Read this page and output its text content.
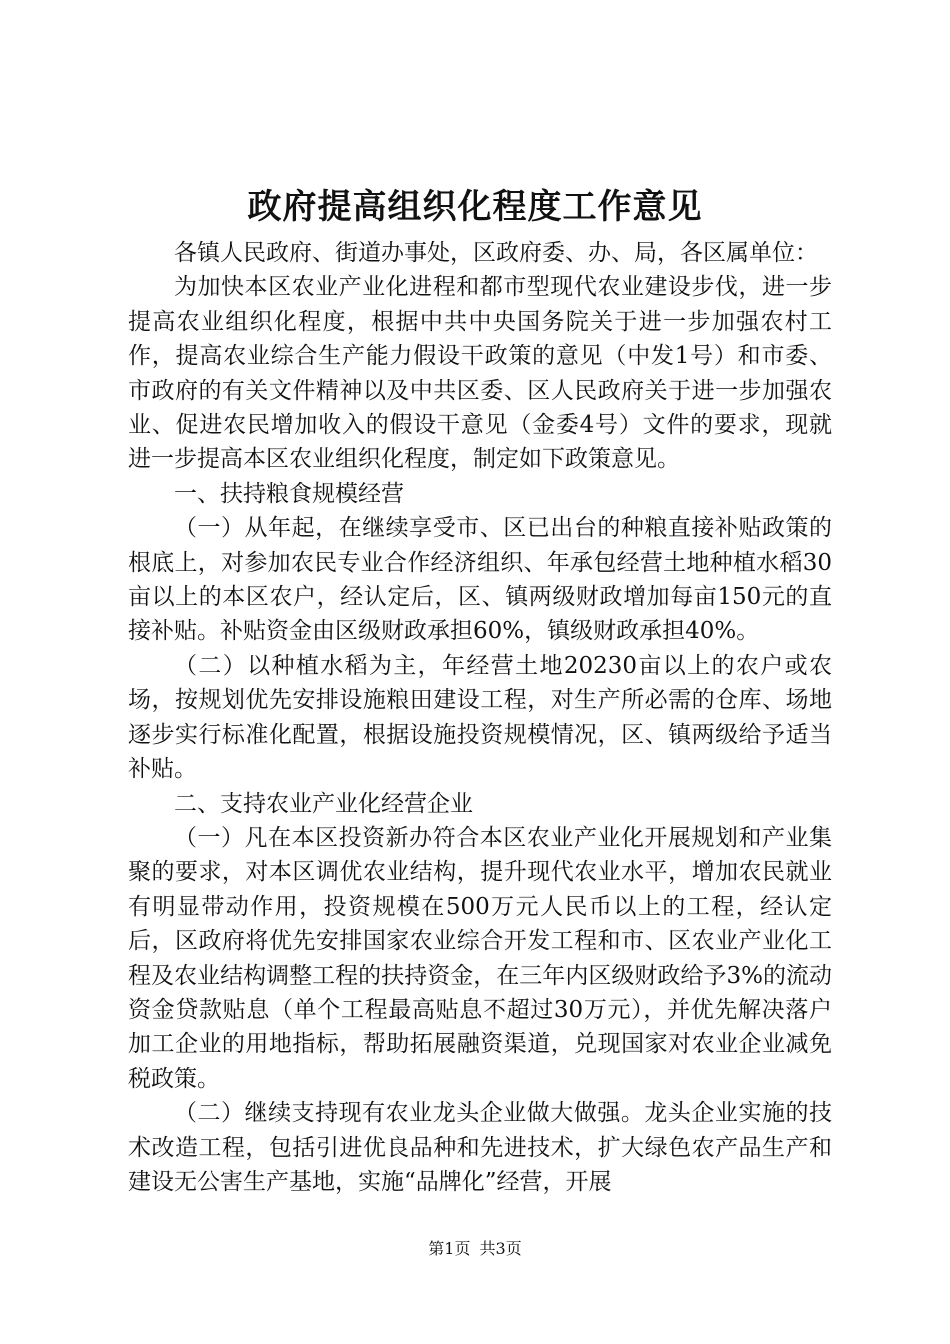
政府提高组织化程度工作意见

各镇人民政府、街道办事处，区政府委、办、局，各区属单位：

为加快本区农业产业化进程和都市型现代农业建设步伐，进一步提高农业组织化程度，根据中共中央国务院关于进一步加强农村工作，提高农业综合生产能力假设干政策的意见（中发1号）和市委、市政府的有关文件精神以及中共区委、区人民政府关于进一步加强农业、促进农民增加收入的假设干意见（金委4号）文件的要求，现就进一步提高本区农业组织化程度，制定如下政策意见。

一、扶持粮食规模经营

（一）从年起，在继续享受市、区已出台的种粮直接补贴政策的根底上，对参加农民专业合作经济组织、年承包经营土地种植水稻30亩以上的本区农户，经认定后，区、镇两级财政增加每亩150元的直接补贴。补贴资金由区级财政承担60%，镇级财政承担40%。

（二）以种植水稻为主，年经营土地20230亩以上的农户或农场，按规划优先安排设施粮田建设工程，对生产所必需的仓库、场地逐步实行标准化配置，根据设施投资规模情况，区、镇两级给予适当补贴。

二、支持农业产业化经营企业

（一）凡在本区投资新办符合本区农业产业化开展规划和产业集聚的要求，对本区调优农业结构，提升现代农业水平，增加农民就业有明显带动作用，投资规模在500万元人民币以上的工程，经认定后，区政府将优先安排国家农业综合开发工程和市、区农业产业化工程及农业结构调整工程的扶持资金，在三年内区级财政给予3%的流动资金贷款贴息（单个工程最高贴息不超过30万元），并优先解决落户加工企业的用地指标，帮助拓展融资渠道，兑现国家对农业企业减免税政策。

（二）继续支持现有农业龙头企业做大做强。龙头企业实施的技术改造工程，包括引进优良品种和先进技术，扩大绿色农产品生产和建设无公害生产基地，实施“品牌化”经营，开展

第1页 共3页
